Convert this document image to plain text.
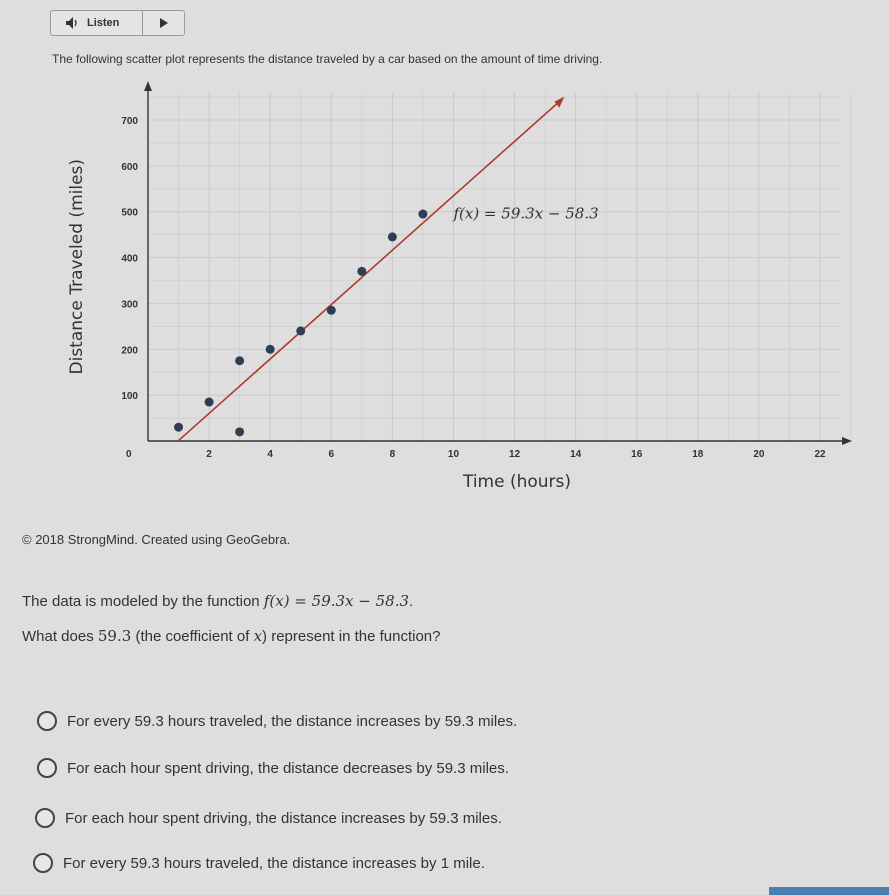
Listen
The following scatter plot represents the distance traveled by a car based on the amount of time driving.
0	2	4	6	8	10	12	14	16	18	20	22
100
200
300
400
500
600
700
Time (hours)
Distance Traveled (miles)	f(x) = 59.3x − 58.3
© 2018 StrongMind. Created using GeoGebra.
The data is modeled by the function f(x) = 59.3x − 58.3.
What does 59.3 (the coefficient of x) represent in the function?
For every 59.3 hours traveled, the distance increases by 59.3 miles.
For each hour spent driving, the distance decreases by 59.3 miles.
For each hour spent driving, the distance increases by 59.3 miles.
For every 59.3 hours traveled, the distance increases by 1 mile.
